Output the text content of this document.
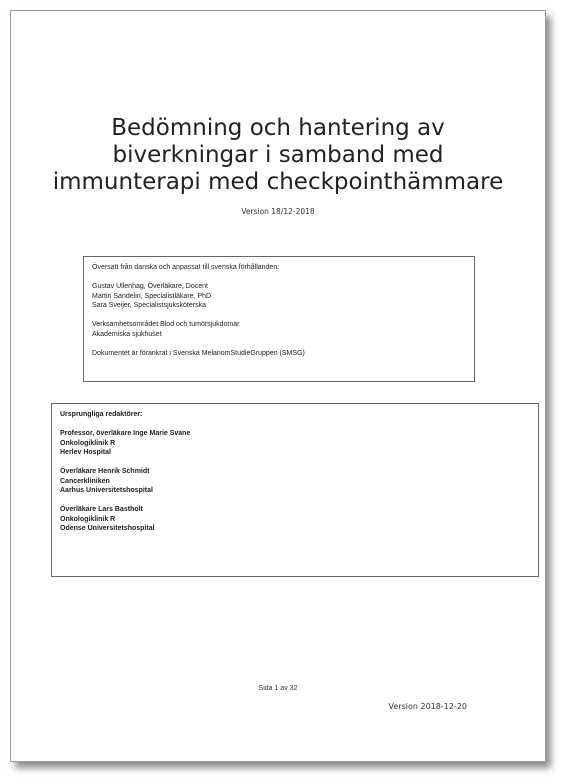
Bedömning och hantering av
biverkningar i samband med
immunterapi med checkpointhämmare
Version 18/12-2018
Översatt från danska och anpassat till svenska förhållanden:
Gustav Ullenhag, Överläkare, Docent
Martin Sandelin, Specialistläkare, PhD
Sara Sveijer, Specialistsjuksköterska
Verksamhetsområdet Blod och tumörsjukdomar
Akademiska sjukhuset
Dokumentet är förankrat i Svenska MelanomStudieGruppen (SMSG)
Ursprungliga redaktörer:
Professor, överläkare Inge Marie Svane
Onkologiklinik R
Herlev Hospital
Överläkare Henrik Schmidt
Cancerkliniken
Aarhus Universitetshospital
Överläkare Lars Bastholt
Onkologiklinik R
Odense Universitetshospital
Sida 1 av 32
Version 2018-12-20
